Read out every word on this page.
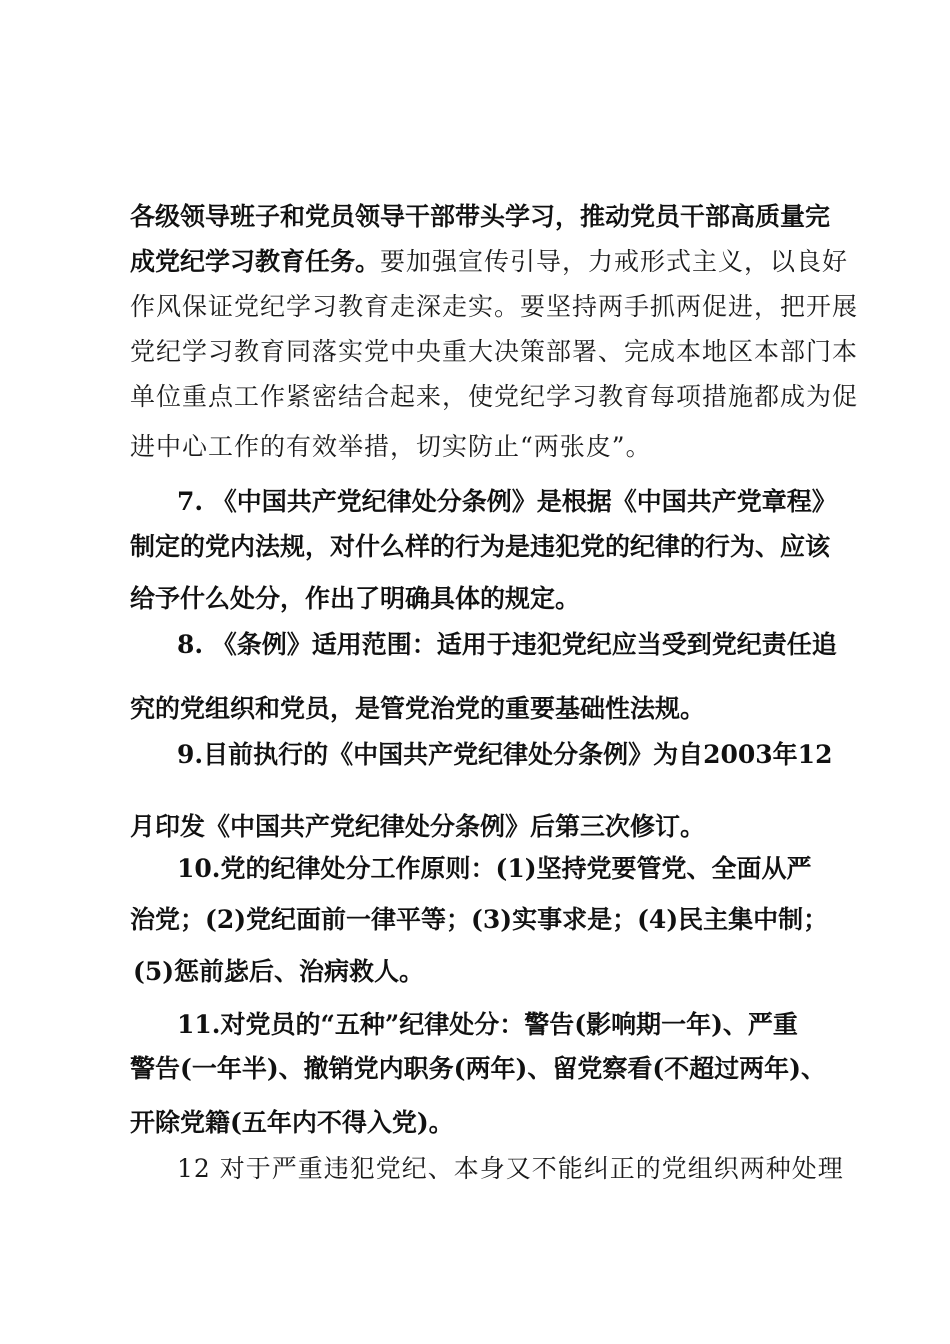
各级领导班子和党员领导干部带头学习，推动党员干部高质量完
成党纪学习教育任务。要加强宣传引导，力戒形式主义，以良好
作风保证党纪学习教育走深走实。要坚持两手抓两促进，把开展
党纪学习教育同落实党中央重大决策部署、完成本地区本部门本
单位重点工作紧密结合起来，使党纪学习教育每项措施都成为促
进中心工作的有效举措，切实防止“两张皮”。
7. 《中国共产党纪律处分条例》是根据《中国共产党章程》
制定的党内法规，对什么样的行为是违犯党的纪律的行为、应该
给予什么处分，作出了明确具体的规定。
8. 《条例》适用范围：适用于违犯党纪应当受到党纪责任追
究的党组织和党员，是管党治党的重要基础性法规。
9.目前执行的《中国共产党纪律处分条例》为自2003年12
月印发《中国共产党纪律处分条例》后第三次修订。
10.党的纪律处分工作原则：(1)坚持党要管党、全面从严
治党；(2)党纪面前一律平等；(3)实事求是；(4)民主集中制；
(5)惩前毖后、治病救人。
11.对党员的“五种”纪律处分：警告(影响期一年)、严重
警告(一年半)、撤销党内职务(两年)、留党察看(不超过两年)、
开除党籍(五年内不得入党)。
12 对于严重违犯党纪、本身又不能纠正的党组织两种处理
